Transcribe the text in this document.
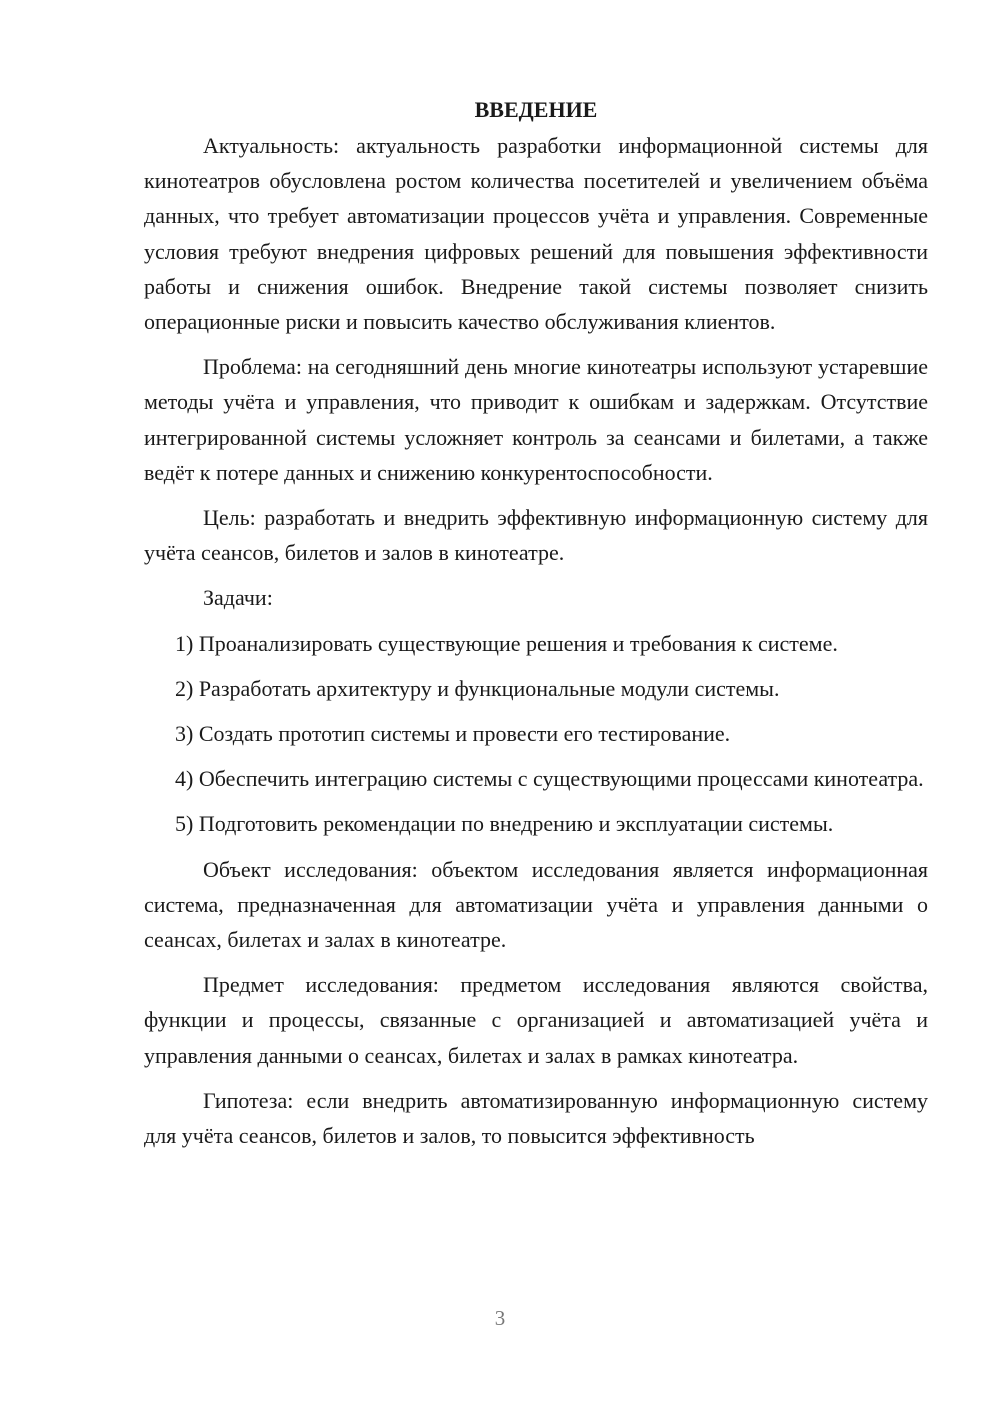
ВВЕДЕНИЕ

Актуальность: актуальность разработки информационной системы для кинотеатров обусловлена ростом количества посетителей и увеличением объёма данных, что требует автоматизации процессов учёта и управления. Современные условия требуют внедрения цифровых решений для повышения эффективности работы и снижения ошибок. Внедрение такой системы позволяет снизить операционные риски и повысить качество обслуживания клиентов.

Проблема: на сегодняшний день многие кинотеатры используют устаревшие методы учёта и управления, что приводит к ошибкам и задержкам. Отсутствие интегрированной системы усложняет контроль за сеансами и билетами, а также ведёт к потере данных и снижению конкурентоспособности.

Цель: разработать и внедрить эффективную информационную систему для учёта сеансов, билетов и залов в кинотеатре.

Задачи:

1) Проанализировать существующие решения и требования к системе.

2) Разработать архитектуру и функциональные модули системы.

3) Создать прототип системы и провести его тестирование.

4) Обеспечить интеграцию системы с существующими процессами кинотеатра.

5) Подготовить рекомендации по внедрению и эксплуатации системы.

Объект исследования: объектом исследования является информационная система, предназначенная для автоматизации учёта и управления данными о сеансах, билетах и залах в кинотеатре.

Предмет исследования: предметом исследования являются свойства, функции и процессы, связанные с организацией и автоматизацией учёта и управления данными о сеансах, билетах и залах в рамках кинотеатра.

Гипотеза: если внедрить автоматизированную информационную систему для учёта сеансов, билетов и залов, то повысится эффективность

3
